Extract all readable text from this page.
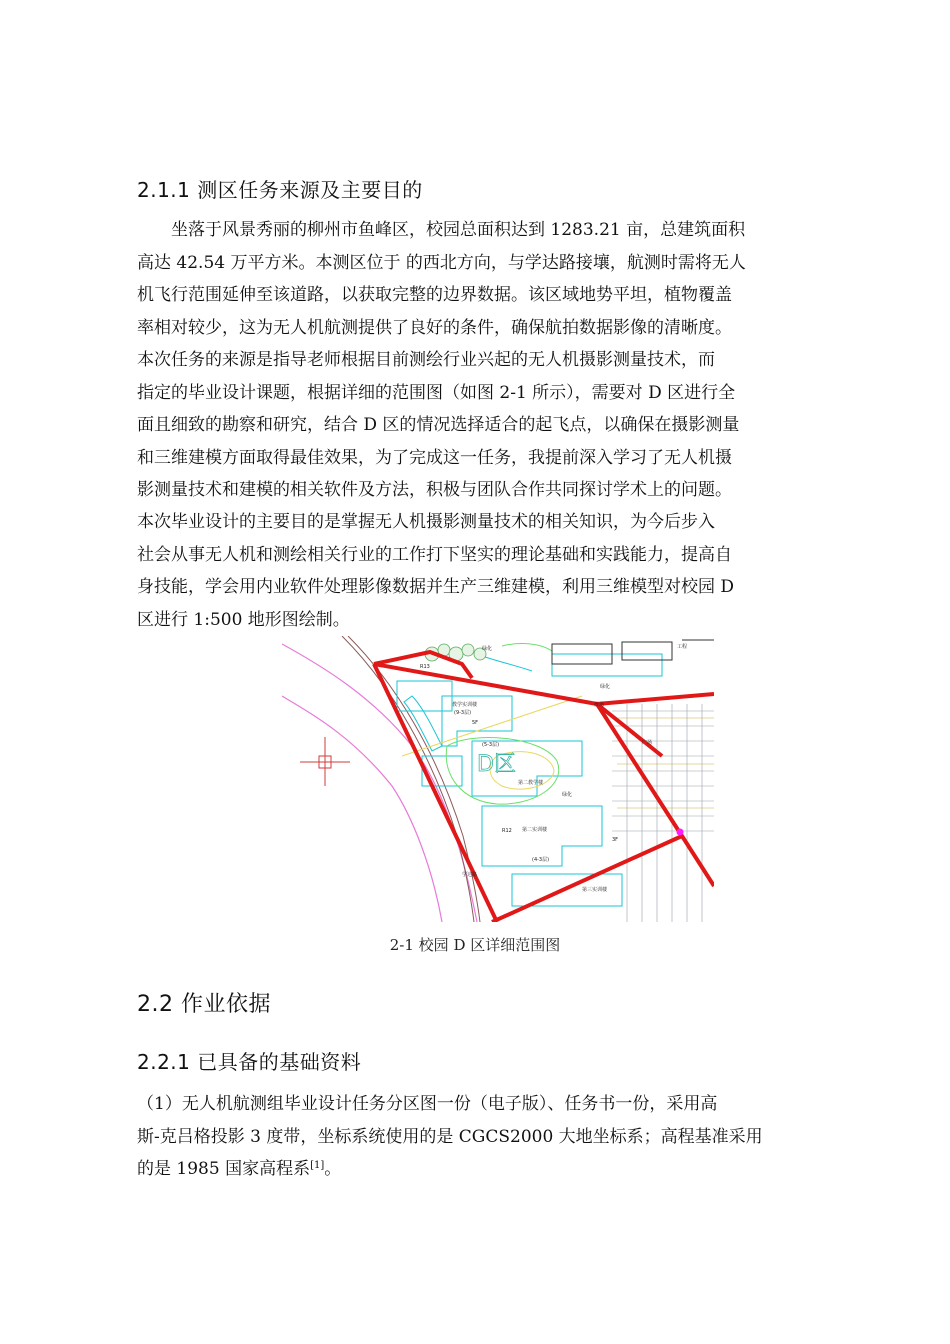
2.1.1 测区任务来源及主要目的

　　坐落于风景秀丽的柳州市鱼峰区，校园总面积达到 1283.21 亩，总建筑面积
高达 42.54 万平方米。本测区位于 的西北方向，与学达路接壤，航测时需将无人
机飞行范围延伸至该道路，以获取完整的边界数据。该区域地势平坦，植物覆盖
率相对较少，这为无人机航测提供了良好的条件，确保航拍数据影像的清晰度。

本次任务的来源是指导老师根据目前测绘行业兴起的无人机摄影测量技术，而
指定的毕业设计课题，根据详细的范围图（如图 2-1 所示），需要对 D 区进行全
面且细致的勘察和研究，结合 D 区的情况选择适合的起飞点，以确保在摄影测量
和三维建模方面取得最佳效果，为了完成这一任务，我提前深入学习了无人机摄
影测量技术和建模的相关软件及方法，积极与团队合作共同探讨学术上的问题。

本次毕业设计的主要目的是掌握无人机摄影测量技术的相关知识，为今后步入
社会从事无人机和测绘相关行业的工作打下坚实的理论基础和实践能力，提高自
身技能，学会用内业软件处理影像数据并生产三维建模，利用三维模型对校园 D
区进行 1:500 地形图绘制。

绿化
绿化
教学实训楼
(9-3层)
第二教学楼
(5-3层)
第二实训楼
(4-3层)
第三实训楼
广场
R13
R12
5F
3F
绿化
学达路
工程
操场
D区
2-1 校园 D 区详细范围图
2.2 作业依据
2.2.1 已具备的基础资料

（1）无人机航测组毕业设计任务分区图一份（电子版）、任务书一份，采用高
斯-克吕格投影 3 度带，坐标系统使用的是 CGCS2000 大地坐标系；高程基准采用
的是 1985 国家高程系[1]。
